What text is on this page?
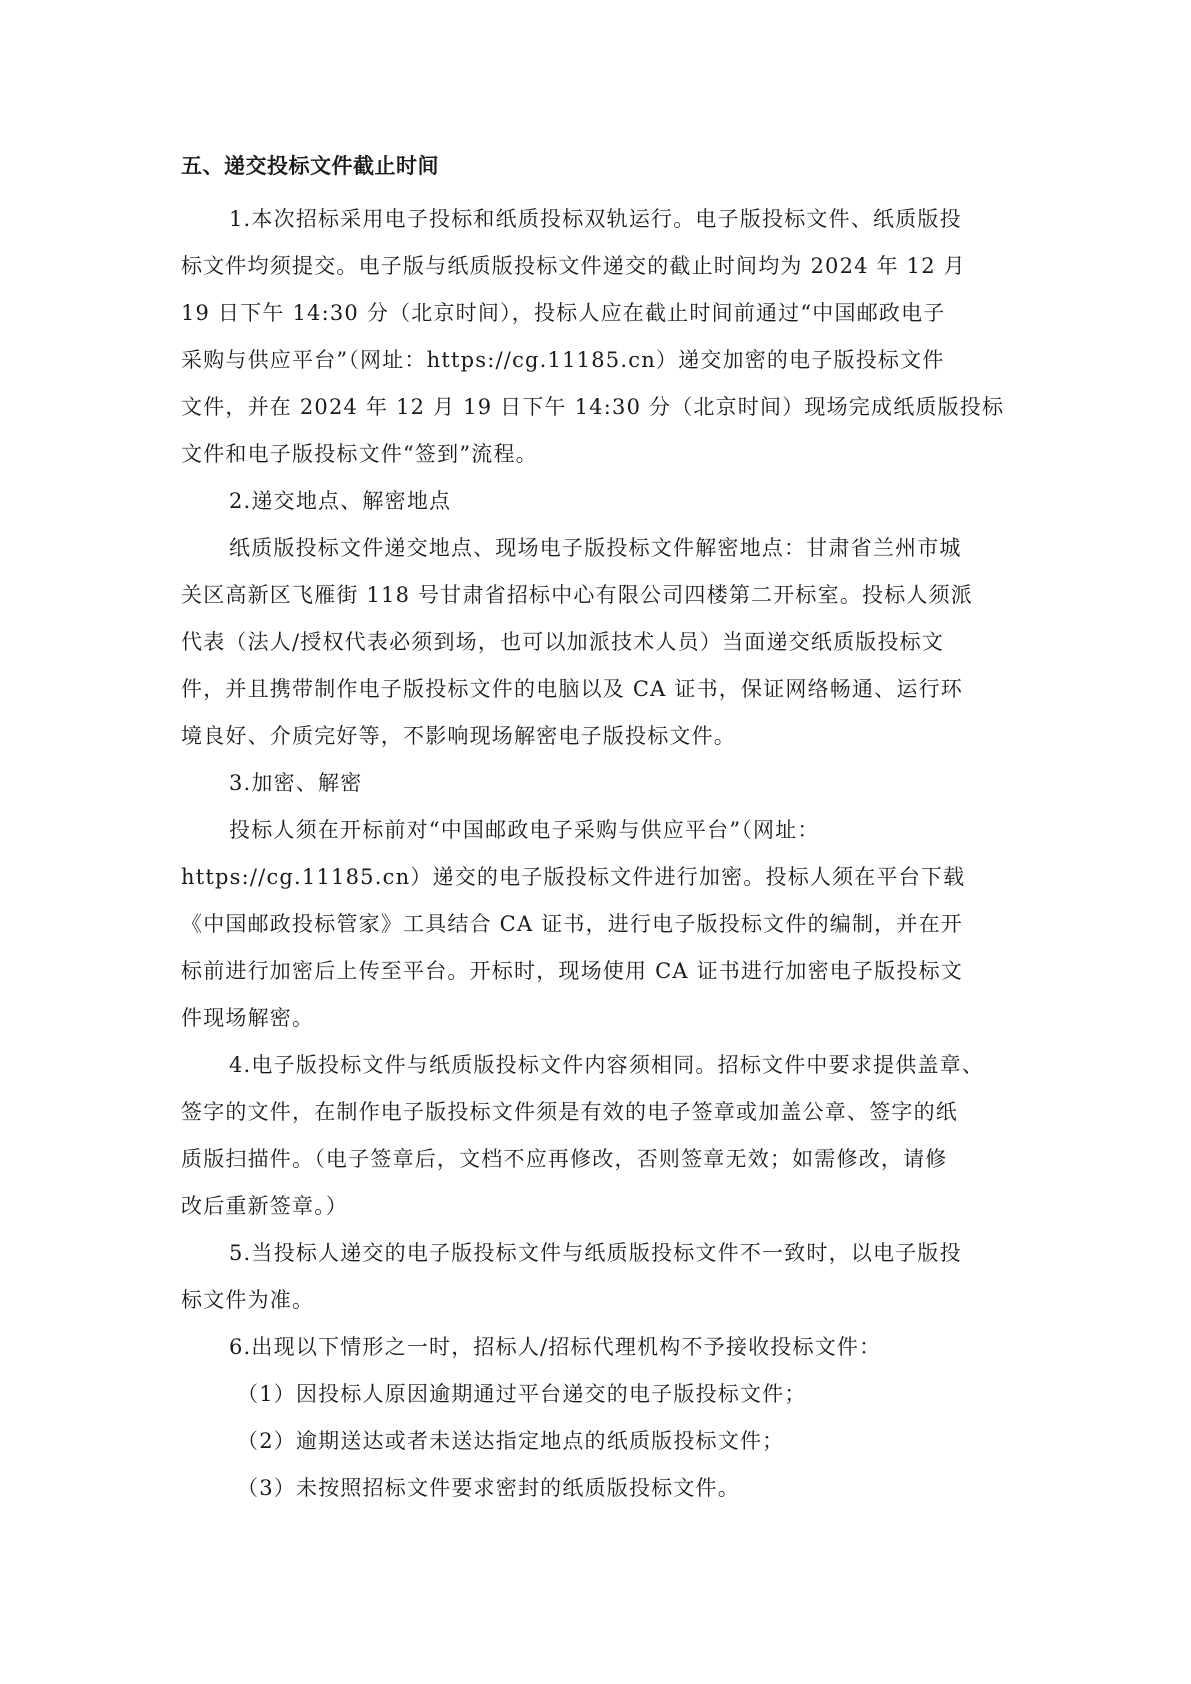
五、递交投标文件截止时间
1.本次招标采用电子投标和纸质投标双轨运行。电子版投标文件、纸质版投
标文件均须提交。电子版与纸质版投标文件递交的截止时间均为 2024 年 12 月
19 日下午 14:30 分（北京时间），投标人应在截止时间前通过“中国邮政电子
采购与供应平台”（网址：https://cg.11185.cn）递交加密的电子版投标文件
文件，并在 2024 年 12 月 19 日下午 14:30 分（北京时间）现场完成纸质版投标
文件和电子版投标文件“签到”流程。
2.递交地点、解密地点
纸质版投标文件递交地点、现场电子版投标文件解密地点：甘肃省兰州市城
关区高新区飞雁街 118 号甘肃省招标中心有限公司四楼第二开标室。投标人须派
代表（法人/授权代表必须到场，也可以加派技术人员）当面递交纸质版投标文
件，并且携带制作电子版投标文件的电脑以及 CA 证书，保证网络畅通、运行环
境良好、介质完好等，不影响现场解密电子版投标文件。
3.加密、解密
投标人须在开标前对“中国邮政电子采购与供应平台”（网址：
https://cg.11185.cn）递交的电子版投标文件进行加密。投标人须在平台下载
《中国邮政投标管家》工具结合 CA 证书，进行电子版投标文件的编制，并在开
标前进行加密后上传至平台。开标时，现场使用 CA 证书进行加密电子版投标文
件现场解密。
4.电子版投标文件与纸质版投标文件内容须相同。招标文件中要求提供盖章、
签字的文件，在制作电子版投标文件须是有效的电子签章或加盖公章、签字的纸
质版扫描件。（电子签章后，文档不应再修改，否则签章无效；如需修改，请修
改后重新签章。）
5.当投标人递交的电子版投标文件与纸质版投标文件不一致时，以电子版投
标文件为准。
6.出现以下情形之一时，招标人/招标代理机构不予接收投标文件：
（1）因投标人原因逾期通过平台递交的电子版投标文件；
（2）逾期送达或者未送达指定地点的纸质版投标文件；
（3）未按照招标文件要求密封的纸质版投标文件。
